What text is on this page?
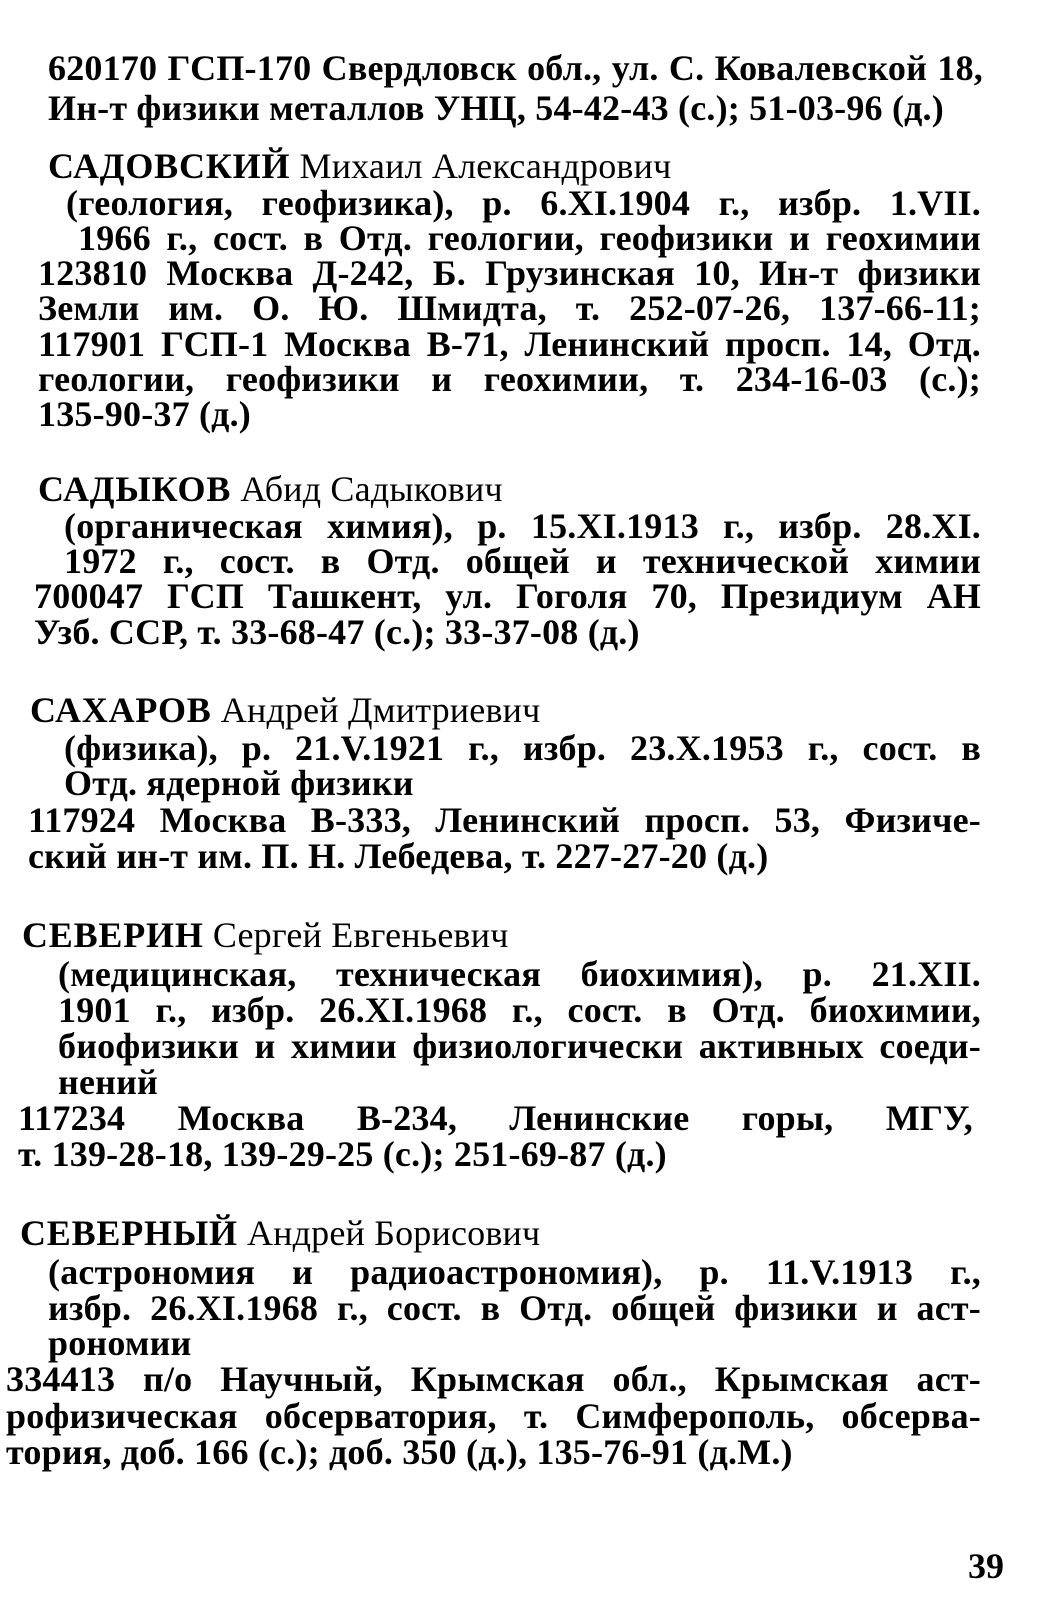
620170 ГСП-170 Свердловск обл., ул. С. Ковалевской 18,
Ин-т физики металлов УНЦ, 54-42-43 (с.); 51-03-96 (д.)
САДОВСКИЙ Михаил Александрович
(геология, геофизика), р. 6.XI.1904 г., избр. 1.VII.
1966 г., сост. в Отд. геологии, геофизики и геохимии
123810 Москва Д-242, Б. Грузинская 10, Ин-т физики
Земли им. О. Ю. Шмидта, т. 252-07-26, 137-66-11;
117901 ГСП-1 Москва В-71, Ленинский просп. 14, Отд.
геологии, геофизики и геохимии, т. 234-16-03 (с.);
135-90-37 (д.)
САДЫКОВ Абид Садыкович
(органическая химия), р. 15.XI.1913 г., избр. 28.XI.
1972 г., сост. в Отд. общей и технической химии
700047 ГСП Ташкент, ул. Гоголя 70, Президиум АН
Узб. ССР, т. 33-68-47 (с.); 33-37-08 (д.)
САХАРОВ Андрей Дмитриевич
(физика), р. 21.V.1921 г., избр. 23.X.1953 г., сост. в
Отд. ядерной физики
117924 Москва В-333, Ленинский просп. 53, Физиче-
ский ин-т им. П. Н. Лебедева, т. 227-27-20 (д.)
СЕВЕРИН Сергей Евгеньевич
(медицинская, техническая биохимия), р. 21.XII.
1901 г., избр. 26.XI.1968 г., сост. в Отд. биохимии,
биофизики и химии физиологически активных соеди-
нений
117234 Москва В-234, Ленинские горы, МГУ,
т. 139-28-18, 139-29-25 (с.); 251-69-87 (д.)
СЕВЕРНЫЙ Андрей Борисович
(астрономия и радиоастрономия), р. 11.V.1913 г.,
избр. 26.XI.1968 г., сост. в Отд. общей физики и аст-
рономии
334413 п/о Научный, Крымская обл., Крымская аст-
рофизическая обсерватория, т. Симферополь, обсерва-
тория, доб. 166 (с.); доб. 350 (д.), 135-76-91 (д.М.)
39
